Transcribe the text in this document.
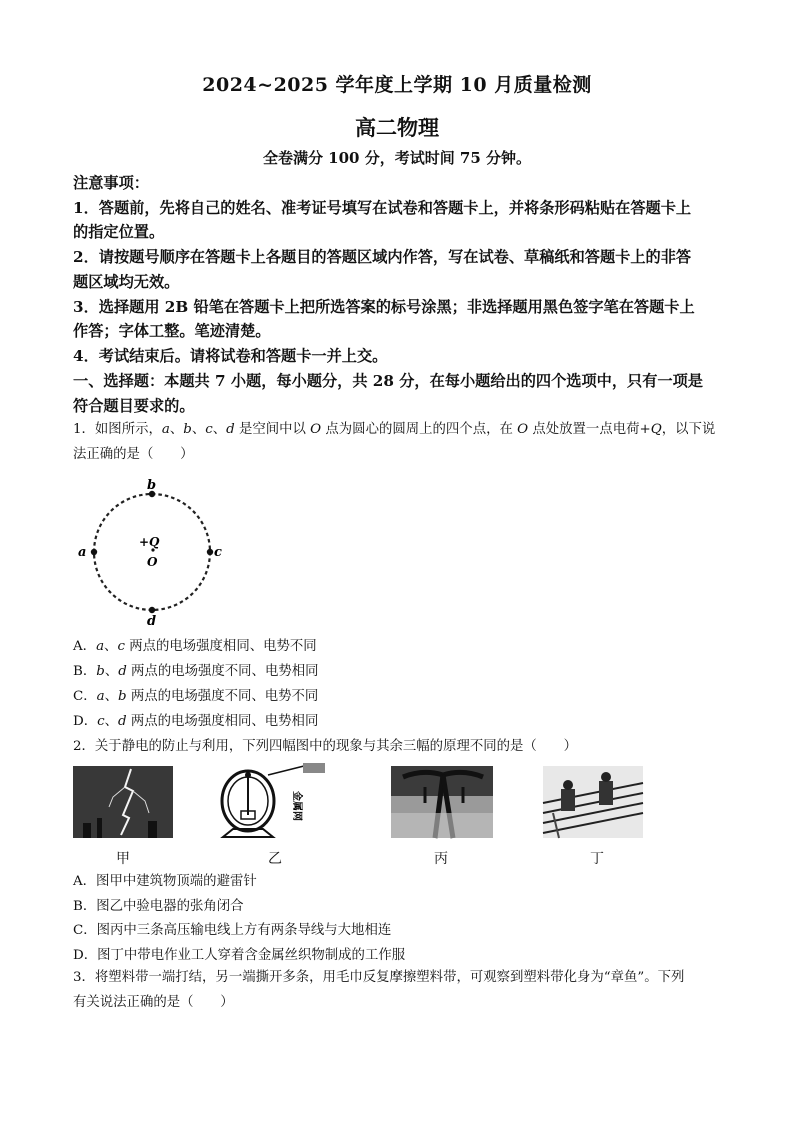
2024~2025 学年度上学期 10 月质量检测
高二物理
全卷满分 100 分，考试时间 75 分钟。

注意事项：

1．答题前，先将自己的姓名、准考证号填写在试卷和答题卡上，并将条形码粘贴在答题卡上

的指定位置。

2．请按题号顺序在答题卡上各题目的答题区域内作答，写在试卷、草稿纸和答题卡上的非答

题区域均无效。

3．选择题用 2B 铅笔在答题卡上把所选答案的标号涂黑；非选择题用黑色签字笔在答题卡上

作答；字体工整。笔迹清楚。

4．考试结束后。请将试卷和答题卡一并上交。

一、选择题：本题共 7 小题，每小题分，共 28 分，在每小题给出的四个选项中，只有一项是
符合题目要求的。
1．如图所示，a、b、c、d 是空间中以 O 点为圆心的圆周上的四个点，在 O 点处放置一点电荷+Q，以下说
法正确的是（　　）
a
b
c
d
+Q
O
A．a、c 两点的电场强度相同、电势不同
B．b、d 两点的电场强度不同、电势相同
C．a、b 两点的电场强度不同、电势不同
D．c、d 两点的电场强度相同、电势相同
2．关于静电的防止与利用，下列四幅图中的现象与其余三幅的原理不同的是（　　）
金属网
甲	乙	丙	丁
A．图甲中建筑物顶端的避雷针
B．图乙中验电器的张角闭合
C．图丙中三条高压输电线上方有两条导线与大地相连
D．图丁中带电作业工人穿着含金属丝织物制成的工作服
3．将塑料带一端打结，另一端撕开多条，用毛巾反复摩擦塑料带，可观察到塑料带化身为“章鱼”。下列
有关说法正确的是（　　）
